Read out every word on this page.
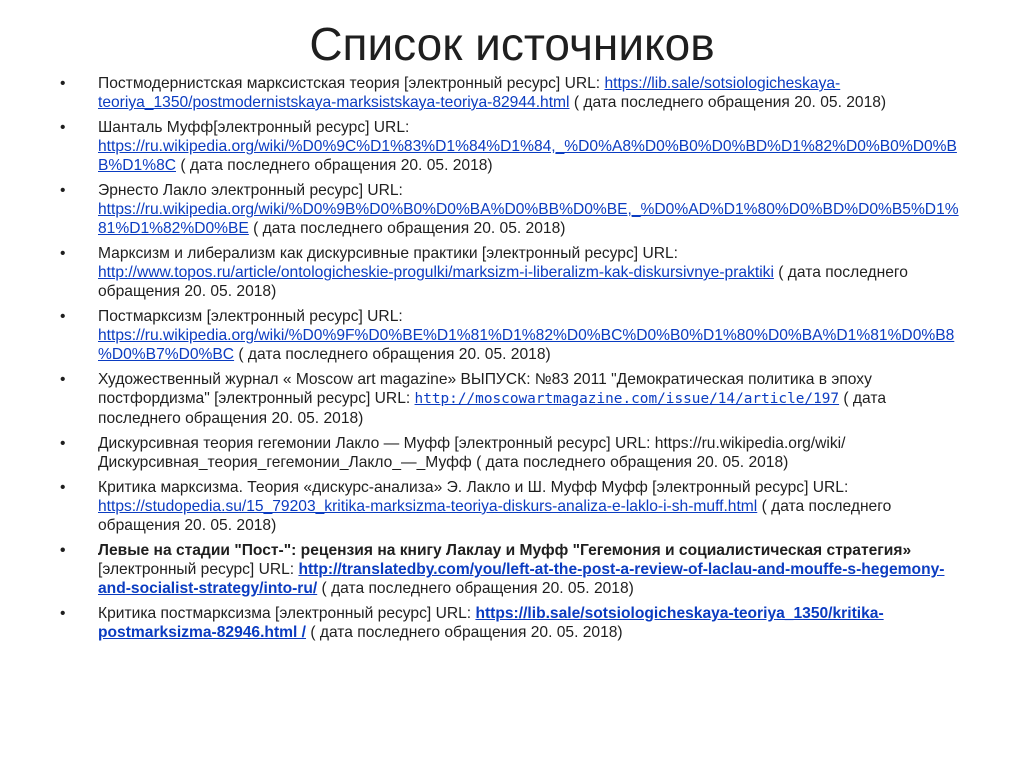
Список источников
•	Постмодернистская марксистская теория [электронный ресурс] URL: https://lib.sale/sotsiologicheskaya-teoriya_1350/postmodernistskaya-marksistskaya-teoriya-82944.html ( дата последнего обращения 20. 05. 2018)
•	Шанталь Муфф[электронный ресурс] URL: https://ru.wikipedia.org/wiki/%D0%9C%D1%83%D1%84%D1%84,_%D0%A8%D0%B0%D0%BD%D1%82%D0%B0%D0%BB%D1%8C ( дата последнего обращения 20. 05. 2018)
•	Эрнесто Лакло электронный ресурс] URL: https://ru.wikipedia.org/wiki/%D0%9B%D0%B0%D0%BA%D0%BB%D0%BE,_%D0%AD%D1%80%D0%BD%D0%B5%D1%81%D1%82%D0%BE ( дата последнего обращения 20. 05. 2018)
•	Марксизм и либерализм как дискурсивные практики [электронный ресурс] URL: http://www.topos.ru/article/ontologicheskie-progulki/marksizm-i-liberalizm-kak-diskursivnye-praktiki ( дата последнего обращения 20. 05. 2018)
•	Постмарксизм [электронный ресурс] URL: https://ru.wikipedia.org/wiki/%D0%9F%D0%BE%D1%81%D1%82%D0%BC%D0%B0%D1%80%D0%BA%D1%81%D0%B8%D0%B7%D0%BC ( дата последнего обращения 20. 05. 2018)
•	Художественный журнал « Moscow art magazine» ВЫПУСК: №83 2011 "Демократическая политика в эпоху постфордизма" [электронный ресурс] URL: http://moscowartmagazine.com/issue/14/article/197 ( дата последнего обращения 20. 05. 2018)
•	Дискурсивная теория гегемонии Лакло — Муфф [электронный ресурс] URL: https://ru.wikipedia.org/wiki/ Дискурсивная_теория_гегемонии_Лакло_—_Муфф ( дата последнего обращения 20. 05. 2018)
•	Критика марксизма. Теория «дискурс-анализа» Э. Лакло и Ш. Муфф Муфф [электронный ресурс] URL: https://studopedia.su/15_79203_kritika-marksizma-teoriya-diskurs-analiza-e-laklo-i-sh-muff.html ( дата последнего обращения 20. 05. 2018)
•	Левые на стадии "Пост-": рецензия на книгу Лаклау и Муфф "Гегемония и социалистическая стратегия» [электронный ресурс] URL: http://translatedby.com/you/left-at-the-post-a-review-of-laclau-and-mouffe-s-hegemony-and-socialist-strategy/into-ru/ ( дата последнего обращения 20. 05. 2018)
•	Критика постмарксизма [электронный ресурс] URL: https://lib.sale/sotsiologicheskaya-teoriya_1350/kritika-postmarksizma-82946.html / ( дата последнего обращения 20. 05. 2018)
